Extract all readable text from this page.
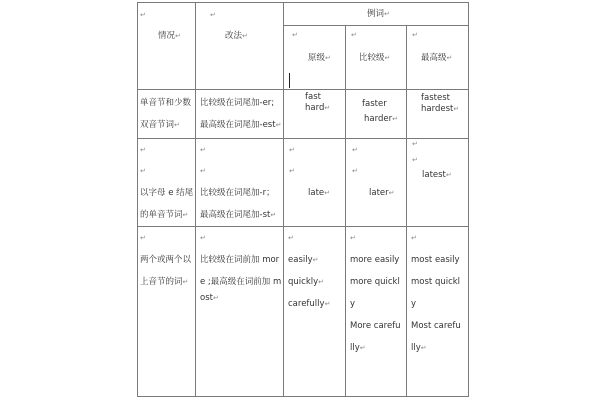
↵
情况↵
↵
改法↵
例词↵
↵
原级↵
↵
比较级↵
↵
最高级↵
单音节和少数
双音节词↵
比较级在词尾加-er;
最高级在词尾加-est↵
fast
hard↵	faster
harder↵
fastest
hardest↵
↵
↵
以字母 e 结尾
的单音节词↵
↵
↵
比较级在词尾加-r；
最高级在词尾加-st↵
↵
↵
late↵
↵
↵
later↵
↵
↵
latest↵
↵
两个或两个以
上音节的词↵
↵
比较级在词前加 mor
e ;最高级在词前加 m
ost↵
↵
easily↵
quickly↵
carefully↵
↵
more easily
more quickl
y
More carefu
lly↵
↵
most easily
most quickl
y
Most carefu
lly↵
